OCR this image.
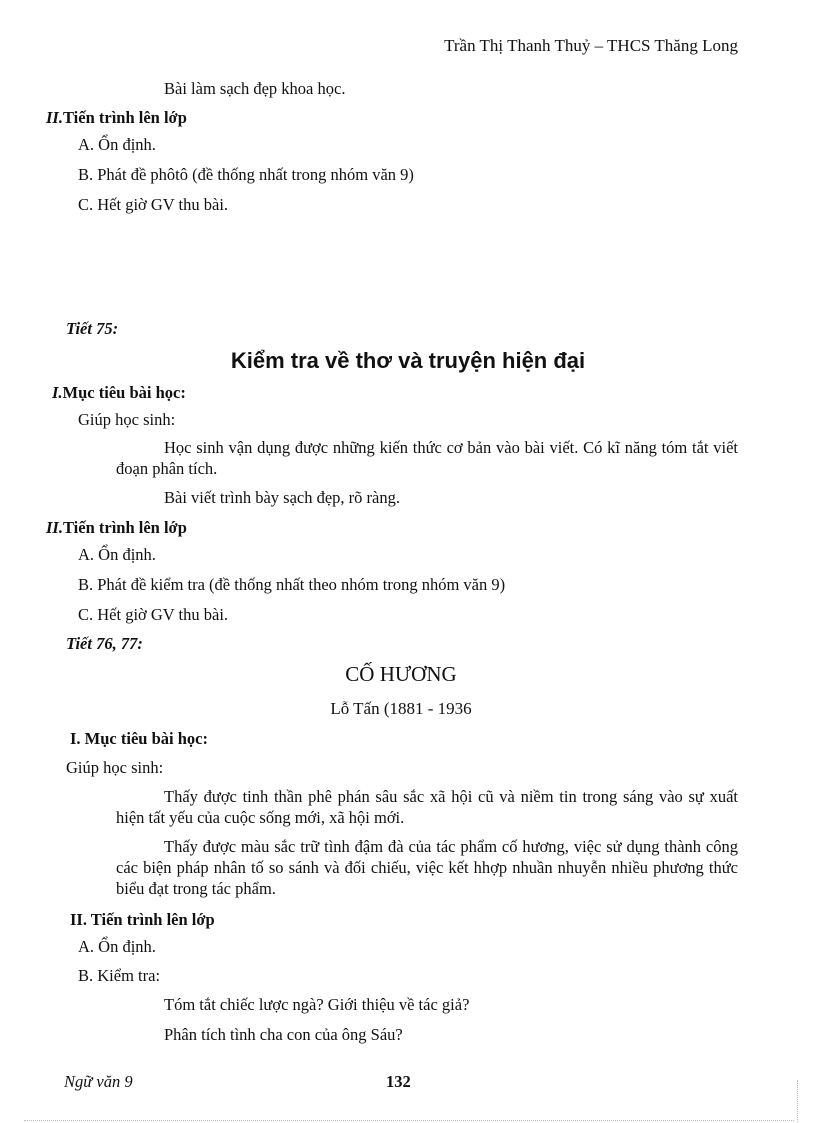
Trần Thị Thanh Thuỷ – THCS Thăng Long
Bài làm sạch đẹp khoa học.
II.Tiến trình lên lớp
A. Ổn định.
B. Phát đề phôtô (đề thống nhất trong nhóm văn 9)
C. Hết giờ GV thu bài.
Tiết 75:
Kiểm tra về thơ và truyện hiện đại
I.Mục tiêu bài học:
Giúp học sinh:
Học sinh vận dụng được những kiến thức cơ bản vào bài viết. Có kĩ năng tóm tắt viết đoạn phân tích.
Bài viết trình bày sạch đẹp, rõ ràng.
II.Tiến trình lên lớp
A. Ổn định.
B. Phát đề kiểm tra (đề thống nhất theo nhóm trong nhóm văn 9)
C. Hết giờ GV thu bài.
Tiết 76, 77:
CỐ HƯƠNG
Lỗ Tấn (1881 - 1936
I. Mục tiêu bài học:
Giúp học sinh:
Thấy được tinh thần phê phán sâu sắc xã hội cũ và niềm tin trong sáng vào sự xuất hiện tất yếu của cuộc sống mới, xã hội mới.
Thấy được màu sắc trữ tình đậm đà của tác phẩm cố hương, việc sử dụng thành công các biện pháp nhân tố so sánh và đối chiếu, việc kết hhợp nhuần nhuyễn nhiều phương thức biểu đạt trong tác phẩm.
II. Tiến trình lên lớp
A. Ổn định.
B. Kiểm tra:
Tóm tắt chiếc lược ngà? Giới thiệu về tác giả?
Phân tích tình cha con của ông Sáu?
Ngữ văn 9	132
